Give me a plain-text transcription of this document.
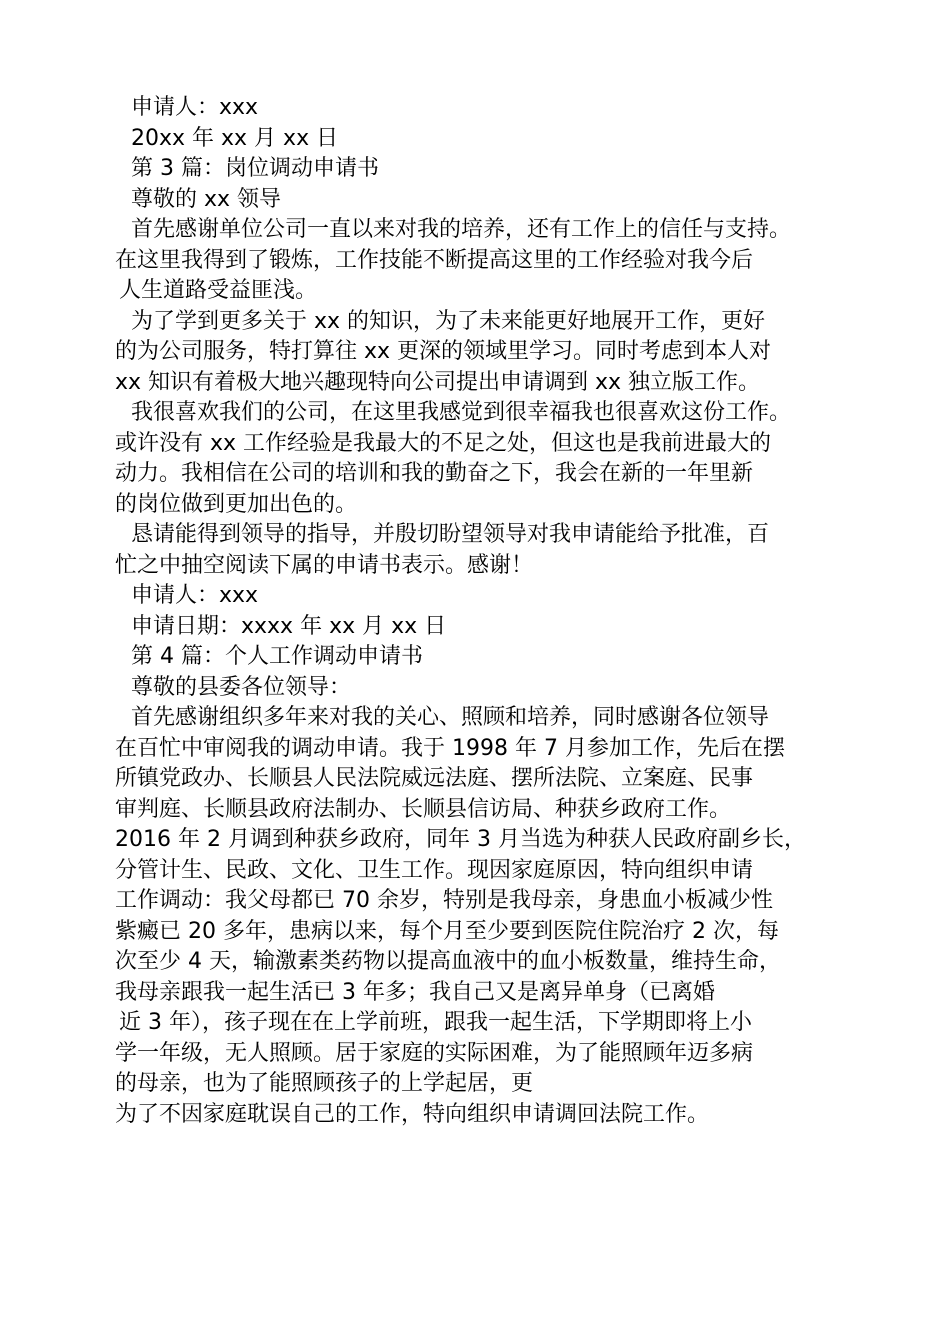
申请人：xxx
20xx 年 xx 月 xx 日
第 3 篇：岗位调动申请书
尊敬的 xx 领导
首先感谢单位公司一直以来对我的培养，还有工作上的信任与支持。
在这里我得到了锻炼，工作技能不断提高这里的工作经验对我今后
人生道路受益匪浅。
为了学到更多关于 xx 的知识，为了未来能更好地展开工作，更好
的为公司服务，特打算往 xx 更深的领域里学习。同时考虑到本人对
xx 知识有着极大地兴趣现特向公司提出申请调到 xx 独立版工作。
我很喜欢我们的公司，在这里我感觉到很幸福我也很喜欢这份工作。
或许没有 xx 工作经验是我最大的不足之处，但这也是我前进最大的
动力。我相信在公司的培训和我的勤奋之下，我会在新的一年里新
的岗位做到更加出色的。
恳请能得到领导的指导，并殷切盼望领导对我申请能给予批准，百
忙之中抽空阅读下属的申请书表示。感谢！
申请人：xxx
申请日期：xxxx 年 xx 月 xx 日
第 4 篇：个人工作调动申请书
尊敬的县委各位领导：
首先感谢组织多年来对我的关心、照顾和培养，同时感谢各位领导
在百忙中审阅我的调动申请。我于 1998 年 7 月参加工作，先后在摆
所镇党政办、长顺县人民法院威远法庭、摆所法院、立案庭、民事
审判庭、长顺县政府法制办、长顺县信访局、种获乡政府工作。
2016 年 2 月调到种获乡政府，同年 3 月当选为种获人民政府副乡长，
分管计生、民政、文化、卫生工作。现因家庭原因，特向组织申请
工作调动：我父母都已 70 余岁，特别是我母亲，身患血小板减少性
紫癜已 20 多年，患病以来，每个月至少要到医院住院治疗 2 次，每
次至少 4 天，输激素类药物以提高血液中的血小板数量，维持生命，
我母亲跟我一起生活已 3 年多；我自己又是离异单身（已离婚
近 3 年），孩子现在在上学前班，跟我一起生活，下学期即将上小
学一年级，无人照顾。居于家庭的实际困难，为了能照顾年迈多病
的母亲，也为了能照顾孩子的上学起居，更
为了不因家庭耽误自己的工作，特向组织申请调回法院工作。
